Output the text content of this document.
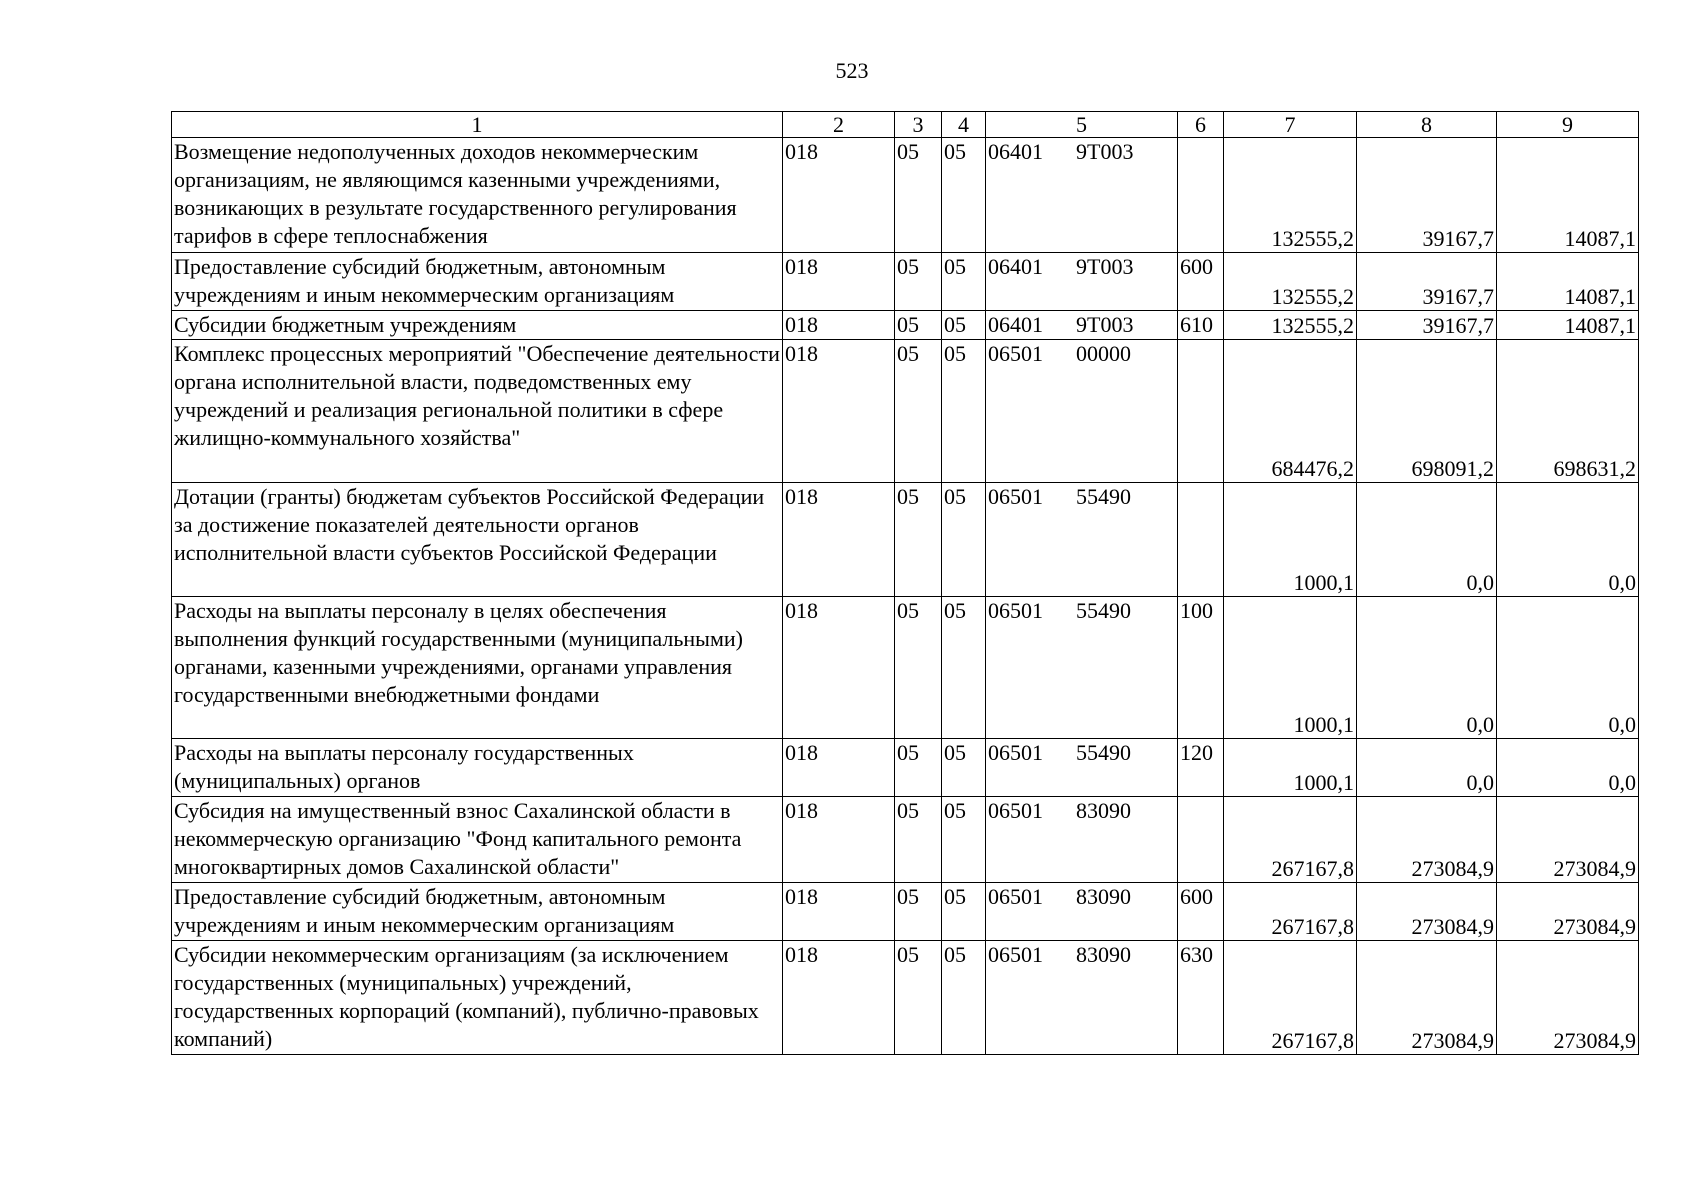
523
1	2	3	4	5	6	7	8	9
Возмещение недополученных доходов некоммерческим организациям, не являющимся казенными учреждениями, возникающих в результате государственного регулирования тарифов в сфере теплоснабжения	018	05	05	06401 9Т003		132555,2	39167,7	14087,1
Предоставление субсидий бюджетным, автономным учреждениям и иным некоммерческим организациям	018	05	05	06401 9Т003	600	132555,2	39167,7	14087,1
Субсидии бюджетным учреждениям	018	05	05	06401 9Т003	610	132555,2	39167,7	14087,1
Комплекс процессных мероприятий "Обеспечение деятельности органа исполнительной власти, подведомственных ему учреждений и реализация региональной политики в сфере жилищно-коммунального хозяйства"	018	05	05	06501 00000		684476,2	698091,2	698631,2
Дотации (гранты) бюджетам субъектов Российской Федерации за достижение показателей деятельности органов исполнительной власти субъектов Российской Федерации	018	05	05	06501 55490		1000,1	0,0	0,0
Расходы на выплаты персоналу в целях обеспечения выполнения функций государственными (муниципальными) органами, казенными учреждениями, органами управления государственными внебюджетными фондами	018	05	05	06501 55490	100	1000,1	0,0	0,0
Расходы на выплаты персоналу государственных (муниципальных) органов	018	05	05	06501 55490	120	1000,1	0,0	0,0
Субсидия на имущественный взнос Сахалинской области в некоммерческую организацию "Фонд капитального ремонта многоквартирных домов Сахалинской области"	018	05	05	06501 83090		267167,8	273084,9	273084,9
Предоставление субсидий бюджетным, автономным учреждениям и иным некоммерческим организациям	018	05	05	06501 83090	600	267167,8	273084,9	273084,9
Субсидии некоммерческим организациям (за исключением государственных (муниципальных) учреждений, государственных корпораций (компаний), публично-правовых компаний)	018	05	05	06501 83090	630	267167,8	273084,9	273084,9
